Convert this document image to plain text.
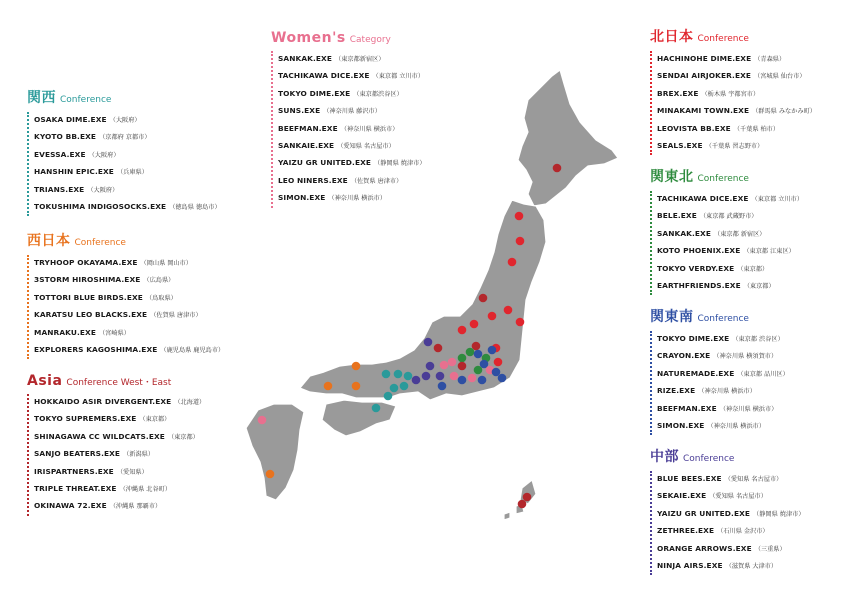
Women's Category
SANKAK.EXE （東京都新宿区）
TACHIKAWA DICE.EXE （東京都 立川市）
TOKYO DIME.EXE （東京都渋谷区）
SUNS.EXE （神奈川県 藤沢市）
BEEFMAN.EXE （神奈川県 横浜市）
SANKAIE.EXE （愛知県 名古屋市）
YAIZU GR UNITED.EXE （静岡県 焼津市）
LEO NINERS.EXE （佐賀県 唐津市）
SIMON.EXE （神奈川県 横浜市）
関西 Conference
OSAKA DIME.EXE （大阪府）
KYOTO BB.EXE （京都府 京都市）
EVESSA.EXE （大阪府）
HANSHIN EPIC.EXE （兵庫県）
TRIANS.EXE （大阪府）
TOKUSHIMA INDIGOSOCKS.EXE （徳島県 徳島市）
西日本 Conference
TRYHOOP OKAYAMA.EXE （岡山県 岡山市）
3STORM HIROSHIMA.EXE （広島県）
TOTTORI BLUE BIRDS.EXE （鳥取県）
KARATSU LEO BLACKS.EXE （佐賀県 唐津市）
MANRAKU.EXE （宮崎県）
EXPLORERS KAGOSHIMA.EXE （鹿児島県 鹿児島市）
Asia Conference West・East
HOKKAIDO ASIR DIVERGENT.EXE （北海道）
TOKYO SUPREMERS.EXE （東京都）
SHINAGAWA CC WILDCATS.EXE （東京都）
SANJO BEATERS.EXE （新潟県）
IRISPARTNERS.EXE （愛知県）
TRIPLE THREAT.EXE （沖縄県 北谷町）
OKINAWA 72.EXE （沖縄県 那覇市）
北日本 Conference
HACHINOHE DIME.EXE （青森県）
SENDAI AIRJOKER.EXE （宮城県 仙台市）
BREX.EXE （栃木県 宇都宮市）
MINAKAMI TOWN.EXE （群馬県 みなかみ町）
LEOVISTA BB.EXE （千葉県 柏市）
SEALS.EXE （千葉県 習志野市）
関東北 Conference
TACHIKAWA DICE.EXE （東京都 立川市）
BELE.EXE （東京都 武蔵野市）
SANKAK.EXE （東京都 新宿区）
KOTO PHOENIX.EXE （東京都 江東区）
TOKYO VERDY.EXE （東京都）
EARTHFRIENDS.EXE （東京都）
関東南 Conference
TOKYO DIME.EXE （東京都 渋谷区）
CRAYON.EXE （神奈川県 横須賀市）
NATUREMADE.EXE （東京都 品川区）
RIZE.EXE （神奈川県 横浜市）
BEEFMAN.EXE （神奈川県 横浜市）
SIMON.EXE （神奈川県 横浜市）
中部 Conference
BLUE BEES.EXE （愛知県 名古屋市）
SEKAIE.EXE （愛知県 名古屋市）
YAIZU GR UNITED.EXE （静岡県 焼津市）
ZETHREE.EXE （石川県 金沢市）
ORANGE ARROWS.EXE （三重県）
NINJA AIRS.EXE （滋賀県 大津市）
